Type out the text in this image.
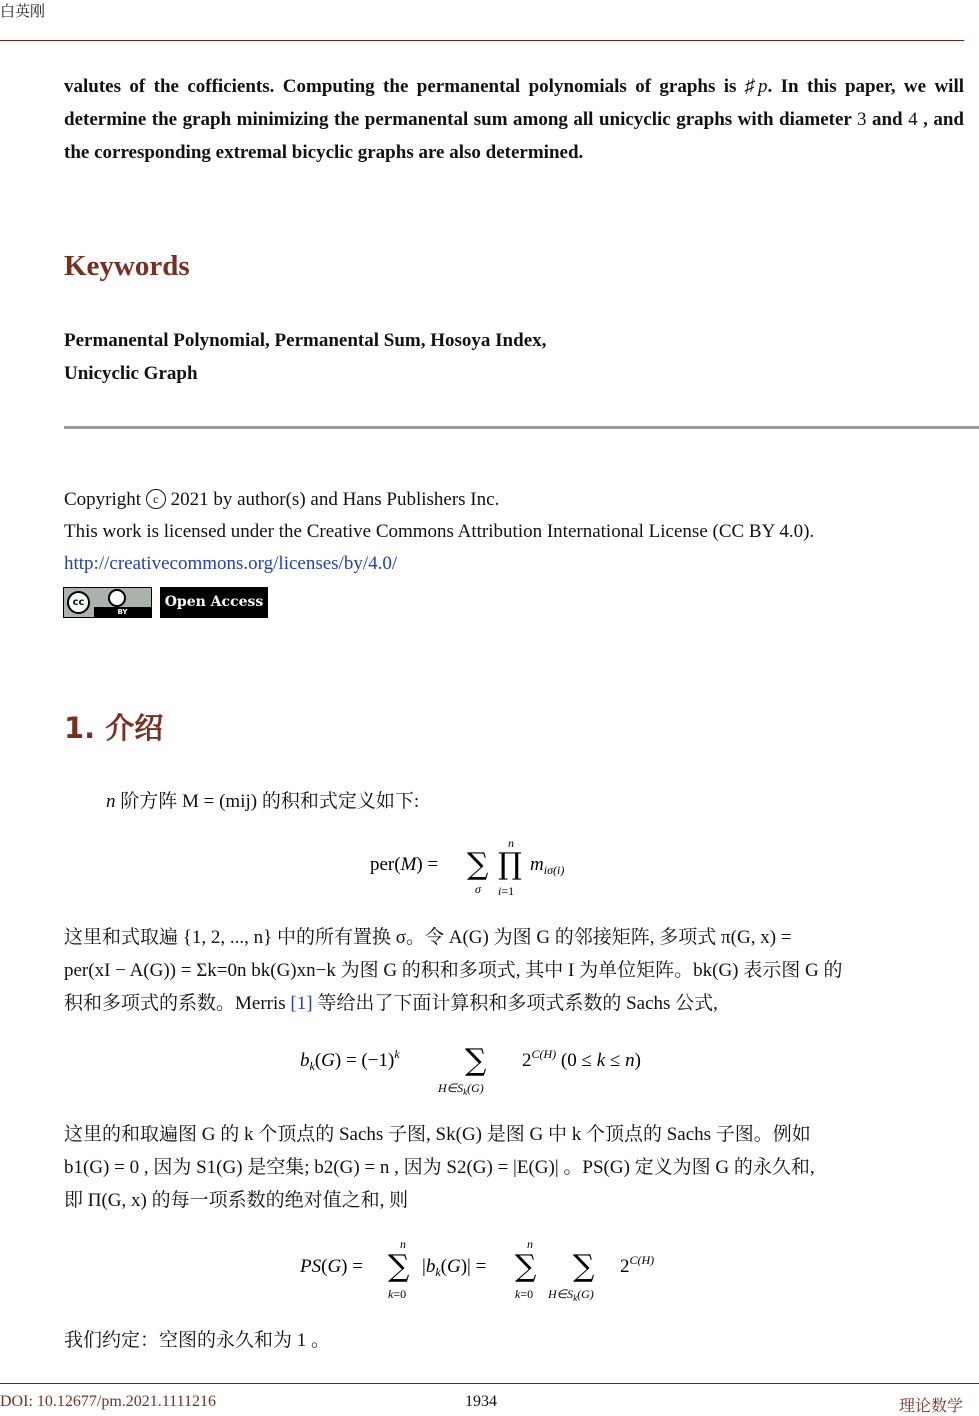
白英刚
valutes of the cofficients. Computing the permanental polynomials of graphs is ♯p. In this paper, we will determine the graph minimizing the permanental sum among all unicyclic graphs with diameter 3 and 4 , and the corresponding extremal bicyclic graphs are also determined.
Keywords
Permanental Polynomial, Permanental Sum, Hosoya Index,
Unicyclic Graph
Copyright c 2021 by author(s) and Hans Publishers Inc.
This work is licensed under the Creative Commons Attribution International License (CC BY 4.0).
http://creativecommons.org/licenses/by/4.0/
cc
BY
Open Access
1. 介绍
n 阶方阵 M = (mij) 的积和式定义如下:
per(M) = ∑
σ
∏
n
i=1
$m_{i\sigma(i)}$
这里和式取遍 {1, 2, ..., n} 中的所有置换 σ。令 A(G) 为图 G 的邻接矩阵, 多项式 π(G, x) =
per(xI − A(G)) = Σk=0n bk(G)xn−k 为图 G 的积和多项式, 其中 I 为单位矩阵。bk(G) 表示图 G 的
积和多项式的系数。Merris [1] 等给出了下面计算积和多项式系数的 Sachs 公式,
$b_k(G) = (-1)^k$ ∑
$H\in S_k(G)$
$2^{C(H)}$ (0 ≤ k ≤ n)
这里的和取遍图 G 的 k 个顶点的 Sachs 子图, Sk(G) 是图 G 中 k 个顶点的 Sachs 子图。例如
b1(G) = 0 , 因为 S1(G) 是空集; b2(G) = n , 因为 S2(G) = |E(G)| 。PS(G) 定义为图 G 的永久和,
即 Π(G, x) 的每一项系数的绝对值之和, 则
PS(G) = ∑
n
k=0
$|b_k(G)|$ = ∑
n
k=0
∑
$H\in S_k(G)$
$2^{C(H)}$
我们约定：空图的永久和为 1 。
DOI: 10.12677/pm.2021.1111216	1934	理论数学
